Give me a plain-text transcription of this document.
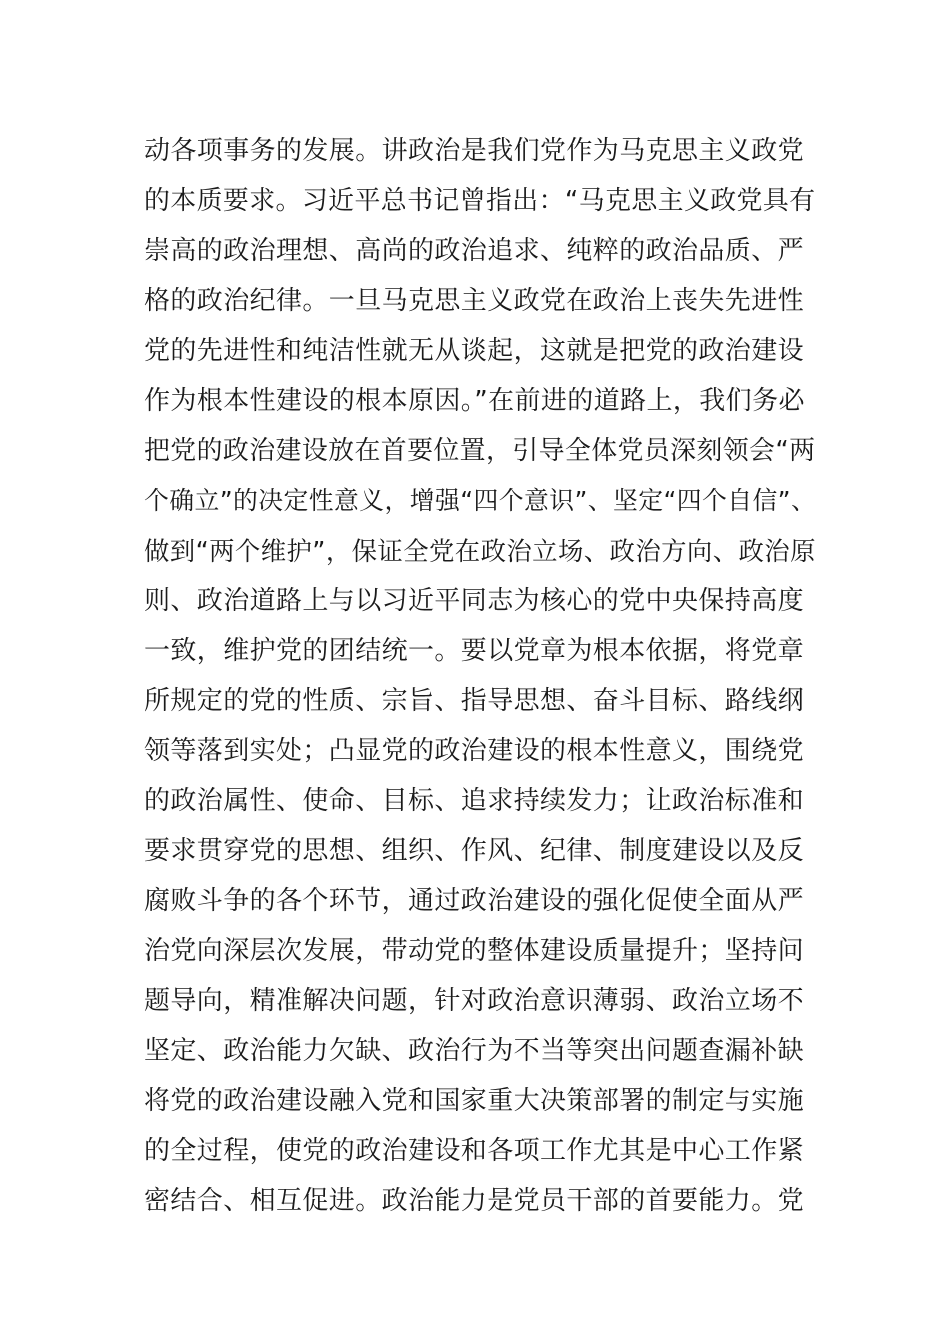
动各项事务的发展。讲政治是我们党作为马克思主义政党
的本质要求。习近平总书记曾指出：“马克思主义政党具有
崇高的政治理想、高尚的政治追求、纯粹的政治品质、严
格的政治纪律。一旦马克思主义政党在政治上丧失先进性
党的先进性和纯洁性就无从谈起，这就是把党的政治建设
作为根本性建设的根本原因。”在前进的道路上，我们务必
把党的政治建设放在首要位置，引导全体党员深刻领会“两
个确立”的决定性意义，增强“四个意识”、坚定“四个自信”、
做到“两个维护”，保证全党在政治立场、政治方向、政治原
则、政治道路上与以习近平同志为核心的党中央保持高度
一致，维护党的团结统一。要以党章为根本依据，将党章
所规定的党的性质、宗旨、指导思想、奋斗目标、路线纲
领等落到实处；凸显党的政治建设的根本性意义，围绕党
的政治属性、使命、目标、追求持续发力；让政治标准和
要求贯穿党的思想、组织、作风、纪律、制度建设以及反
腐败斗争的各个环节，通过政治建设的强化促使全面从严
治党向深层次发展，带动党的整体建设质量提升；坚持问
题导向，精准解决问题，针对政治意识薄弱、政治立场不
坚定、政治能力欠缺、政治行为不当等突出问题查漏补缺
将党的政治建设融入党和国家重大决策部署的制定与实施
的全过程，使党的政治建设和各项工作尤其是中心工作紧
密结合、相互促进。政治能力是党员干部的首要能力。党
